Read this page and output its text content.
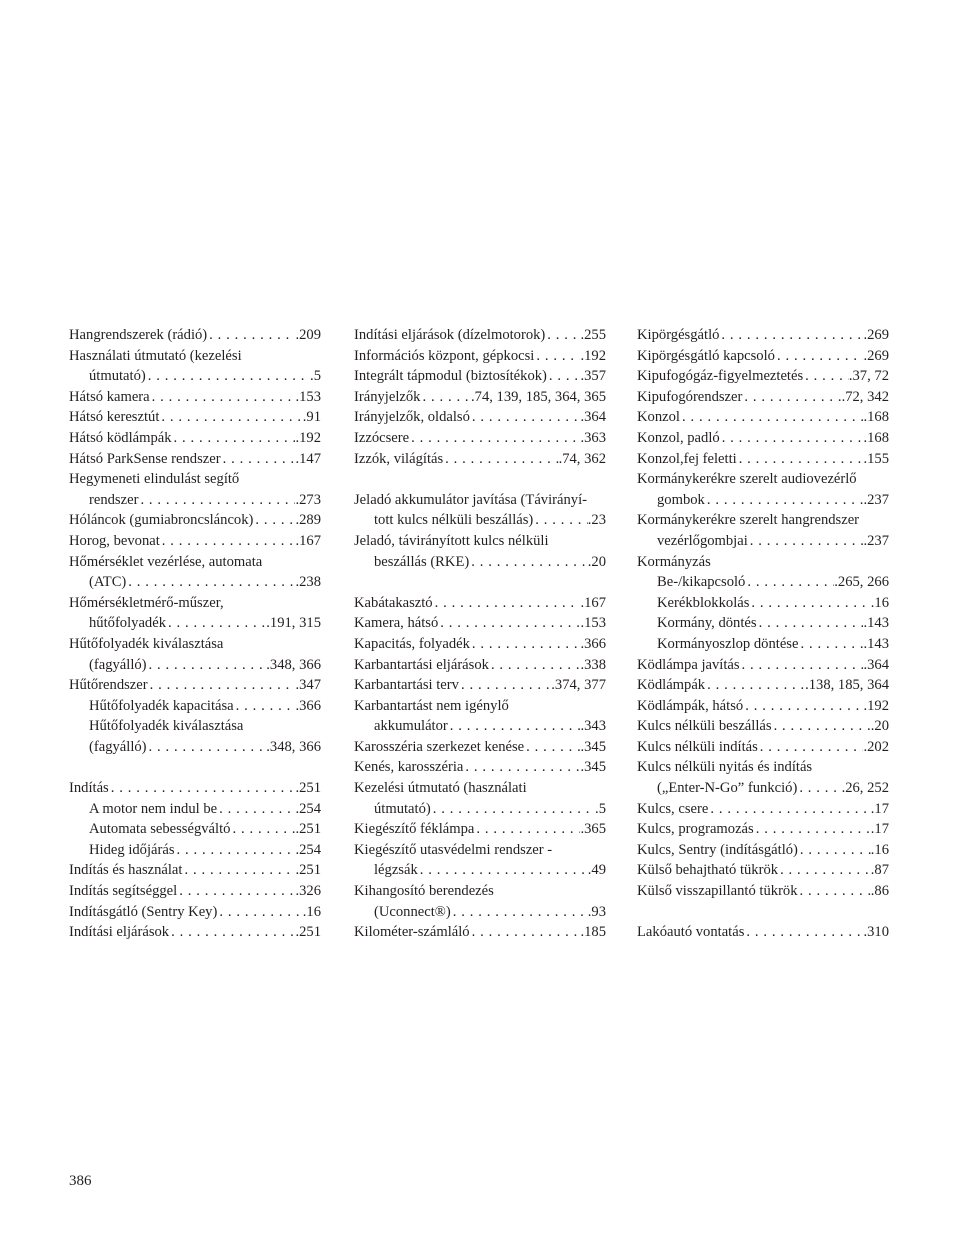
Hangrendszerek (rádió) . . .	.209
Használati útmutató (kezelési
útmutató) . . .	.5
Hátsó kamera . . .	.153
Hátsó keresztút . . .	.91
Hátsó ködlámpák . . .	.192
Hátsó ParkSense rendszer . . .	.147
Hegymeneti elindulást segítő
rendszer . . .	.273
Hóláncok (gumiabroncsláncok) . . .	.289
Horog, bevonat . . .	.167
Hőmérséklet vezérlése, automata
(ATC) . . .	.238
Hőmérsékletmérő-műszer,
hűtőfolyadék . . .	.191, 315
Hűtőfolyadék kiválasztása
(fagyálló) . . .	.348, 366
Hűtőrendszer . . .	.347
Hűtőfolyadék kapacitása . . .	.366
Hűtőfolyadék kiválasztása
(fagyálló) . . .	.348, 366
Indítás . . .	.251
A motor nem indul be . . .	.254
Automata sebességváltó . . .	.251
Hideg időjárás . . .	.254
Indítás és használat . . .	.251
Indítás segítséggel . . .	.326
Indításgátló (Sentry Key) . . .	.16
Indítási eljárások . . .	.251
Indítási eljárások (dízelmotorok) . . . .255
Információs központ, gépkocsi . . .	.192
Integrált tápmodul (biztosítékok) . . . .357
Irányjelzők . . .	.74, 139, 185, 364, 365
Irányjelzők, oldalsó . . .	.364
Izzócsere . . .	.363
Izzók, világítás . . .	.74, 362
Jeladó akkumulátor javítása (Távirányí-
tott kulcs nélküli beszállás) . . .	.23
Jeladó, távirányított kulcs nélküli
beszállás (RKE) . . .	.20
Kabátakasztó . . .	.167
Kamera, hátsó . . .	.153
Kapacitás, folyadék . . .	.366
Karbantartási eljárások . . .	.338
Karbantartási terv . . .	.374, 377
Karbantartást nem igénylő
akkumulátor . . .	.343
Karosszéria szerkezet kenése . . .	.345
Kenés, karosszéria . . .	.345
Kezelési útmutató (használati
útmutató) . . .	.5
Kiegészítő féklámpa . . .	.365
Kiegészítő utasvédelmi rendszer -
légzsák . . .	.49
Kihangosító berendezés
(Uconnect®) . . .	.93
Kilométer-számláló . . .	.185
Kipörgésgátló . . .	.269
Kipörgésgátló kapcsoló . . .	.269
Kipufogógáz-figyelmeztetés . . .	.37, 72
Kipufogórendszer . . .	.72, 342
Konzol . . .	.168
Konzol, padló . . .	.168
Konzol,fej feletti . . .	.155
Kormánykerékre szerelt audiovezérlő
gombok . . .	.237
Kormánykerékre szerelt hangrendszer
vezérlőgombjai . . .	.237
Kormányzás
Be-/kikapcsoló . . .	.265, 266
Kerékblokkolás . . .	.16
Kormány, döntés . . .	.143
Kormányoszlop döntése . . .	.143
Ködlámpa javítás . . .	.364
Ködlámpák . . .	.138, 185, 364
Ködlámpák, hátsó . . .	.192
Kulcs nélküli beszállás . . .	.20
Kulcs nélküli indítás . . .	.202
Kulcs nélküli nyitás és indítás
(„Enter-N-Go” funkció) . . .	.26, 252
Kulcs, csere . . .	.17
Kulcs, programozás . . .	.17
Kulcs, Sentry (indításgátló) . . .	.16
Külső behajtható tükrök . . .	.87
Külső visszapillantó tükrök . . .	.86
Lakóautó vontatás . . .	.310
386
